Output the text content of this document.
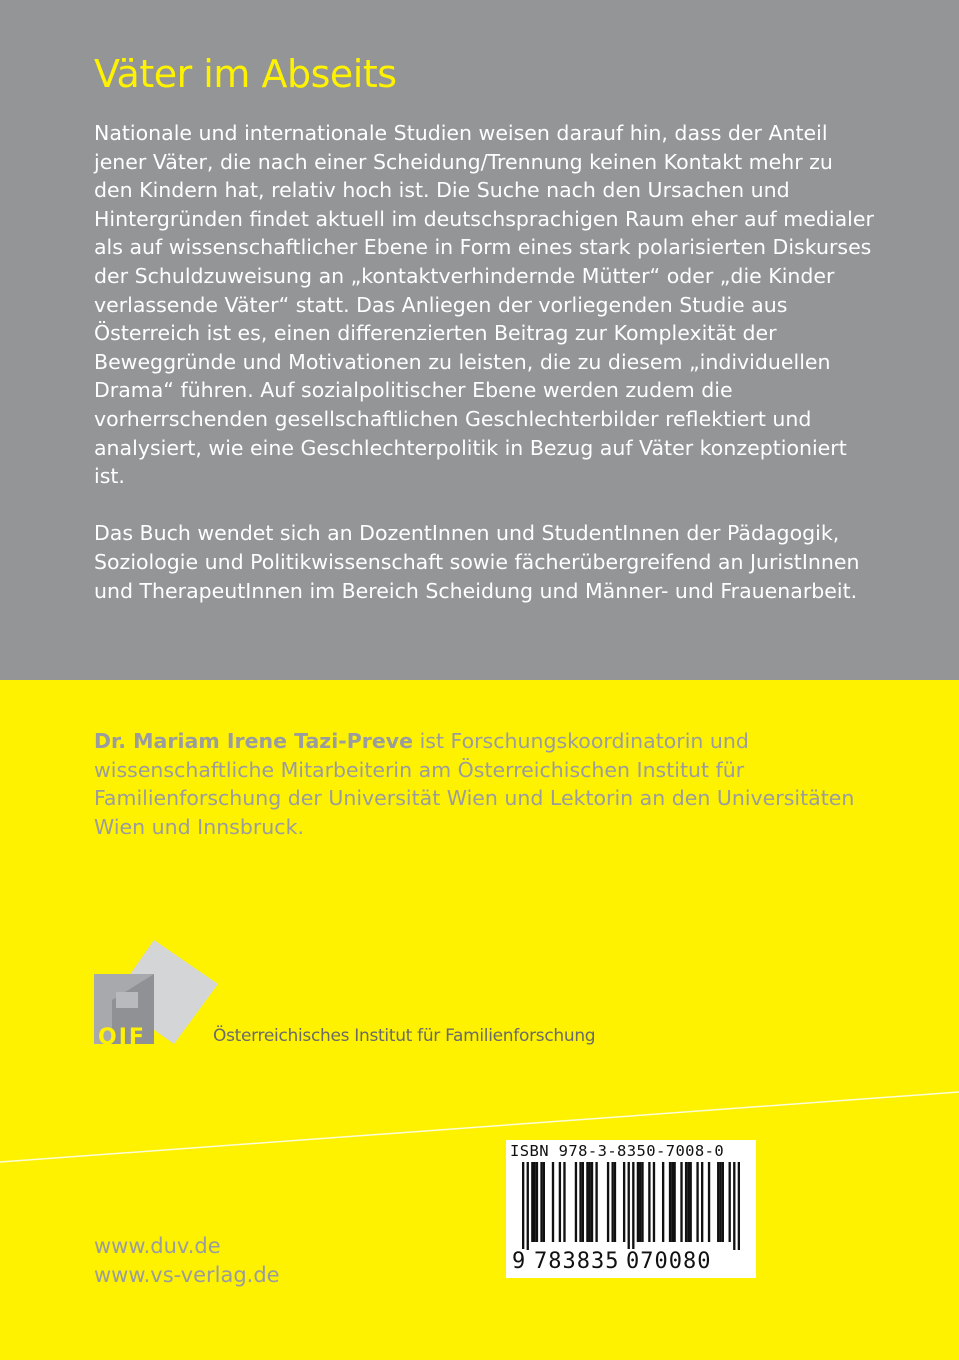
Väter im Abseits

Nationale und internationale Studien weisen darauf hin, dass der Anteil jener Väter, die nach einer Scheidung/Trennung keinen Kontakt mehr zu den Kindern hat, relativ hoch ist. Die Suche nach den Ursachen und Hintergründen findet aktuell im deutschsprachigen Raum eher auf medialer als auf wissenschaftlicher Ebene in Form eines stark polarisierten Diskurses der Schuldzuweisung an „kontaktverhindernde Mütter“ oder „die Kinder verlassende Väter“ statt. Das Anliegen der vorliegenden Studie aus Österreich ist es, einen differenzierten Beitrag zur Komplexität der Beweggründe und Motivationen zu leisten, die zu diesem „individuellen Drama“ führen. Auf sozialpolitischer Ebene werden zudem die vorherrschenden gesellschaftlichen Geschlechterbilder reflektiert und analysiert, wie eine Geschlechterpolitik in Bezug auf Väter konzeptioniert ist.

Das Buch wendet sich an DozentInnen und StudentInnen der Pädagogik, Soziologie und Politikwissenschaft sowie fächerübergreifend an JuristInnen und TherapeutInnen im Bereich Scheidung und Männer- und Frauenarbeit.

Dr. Mariam Irene Tazi-Preve ist Forschungskoordinatorin und wissenschaftliche Mitarbeiterin am Österreichischen Institut für Familienforschung der Universität Wien und Lektorin an den Universitäten Wien und Innsbruck.
OIF	Österreichisches Institut für Familienforschung
www.duv.de
www.vs-verlag.de
ISBN 978-3-8350-7008-0
9 783835 070080
